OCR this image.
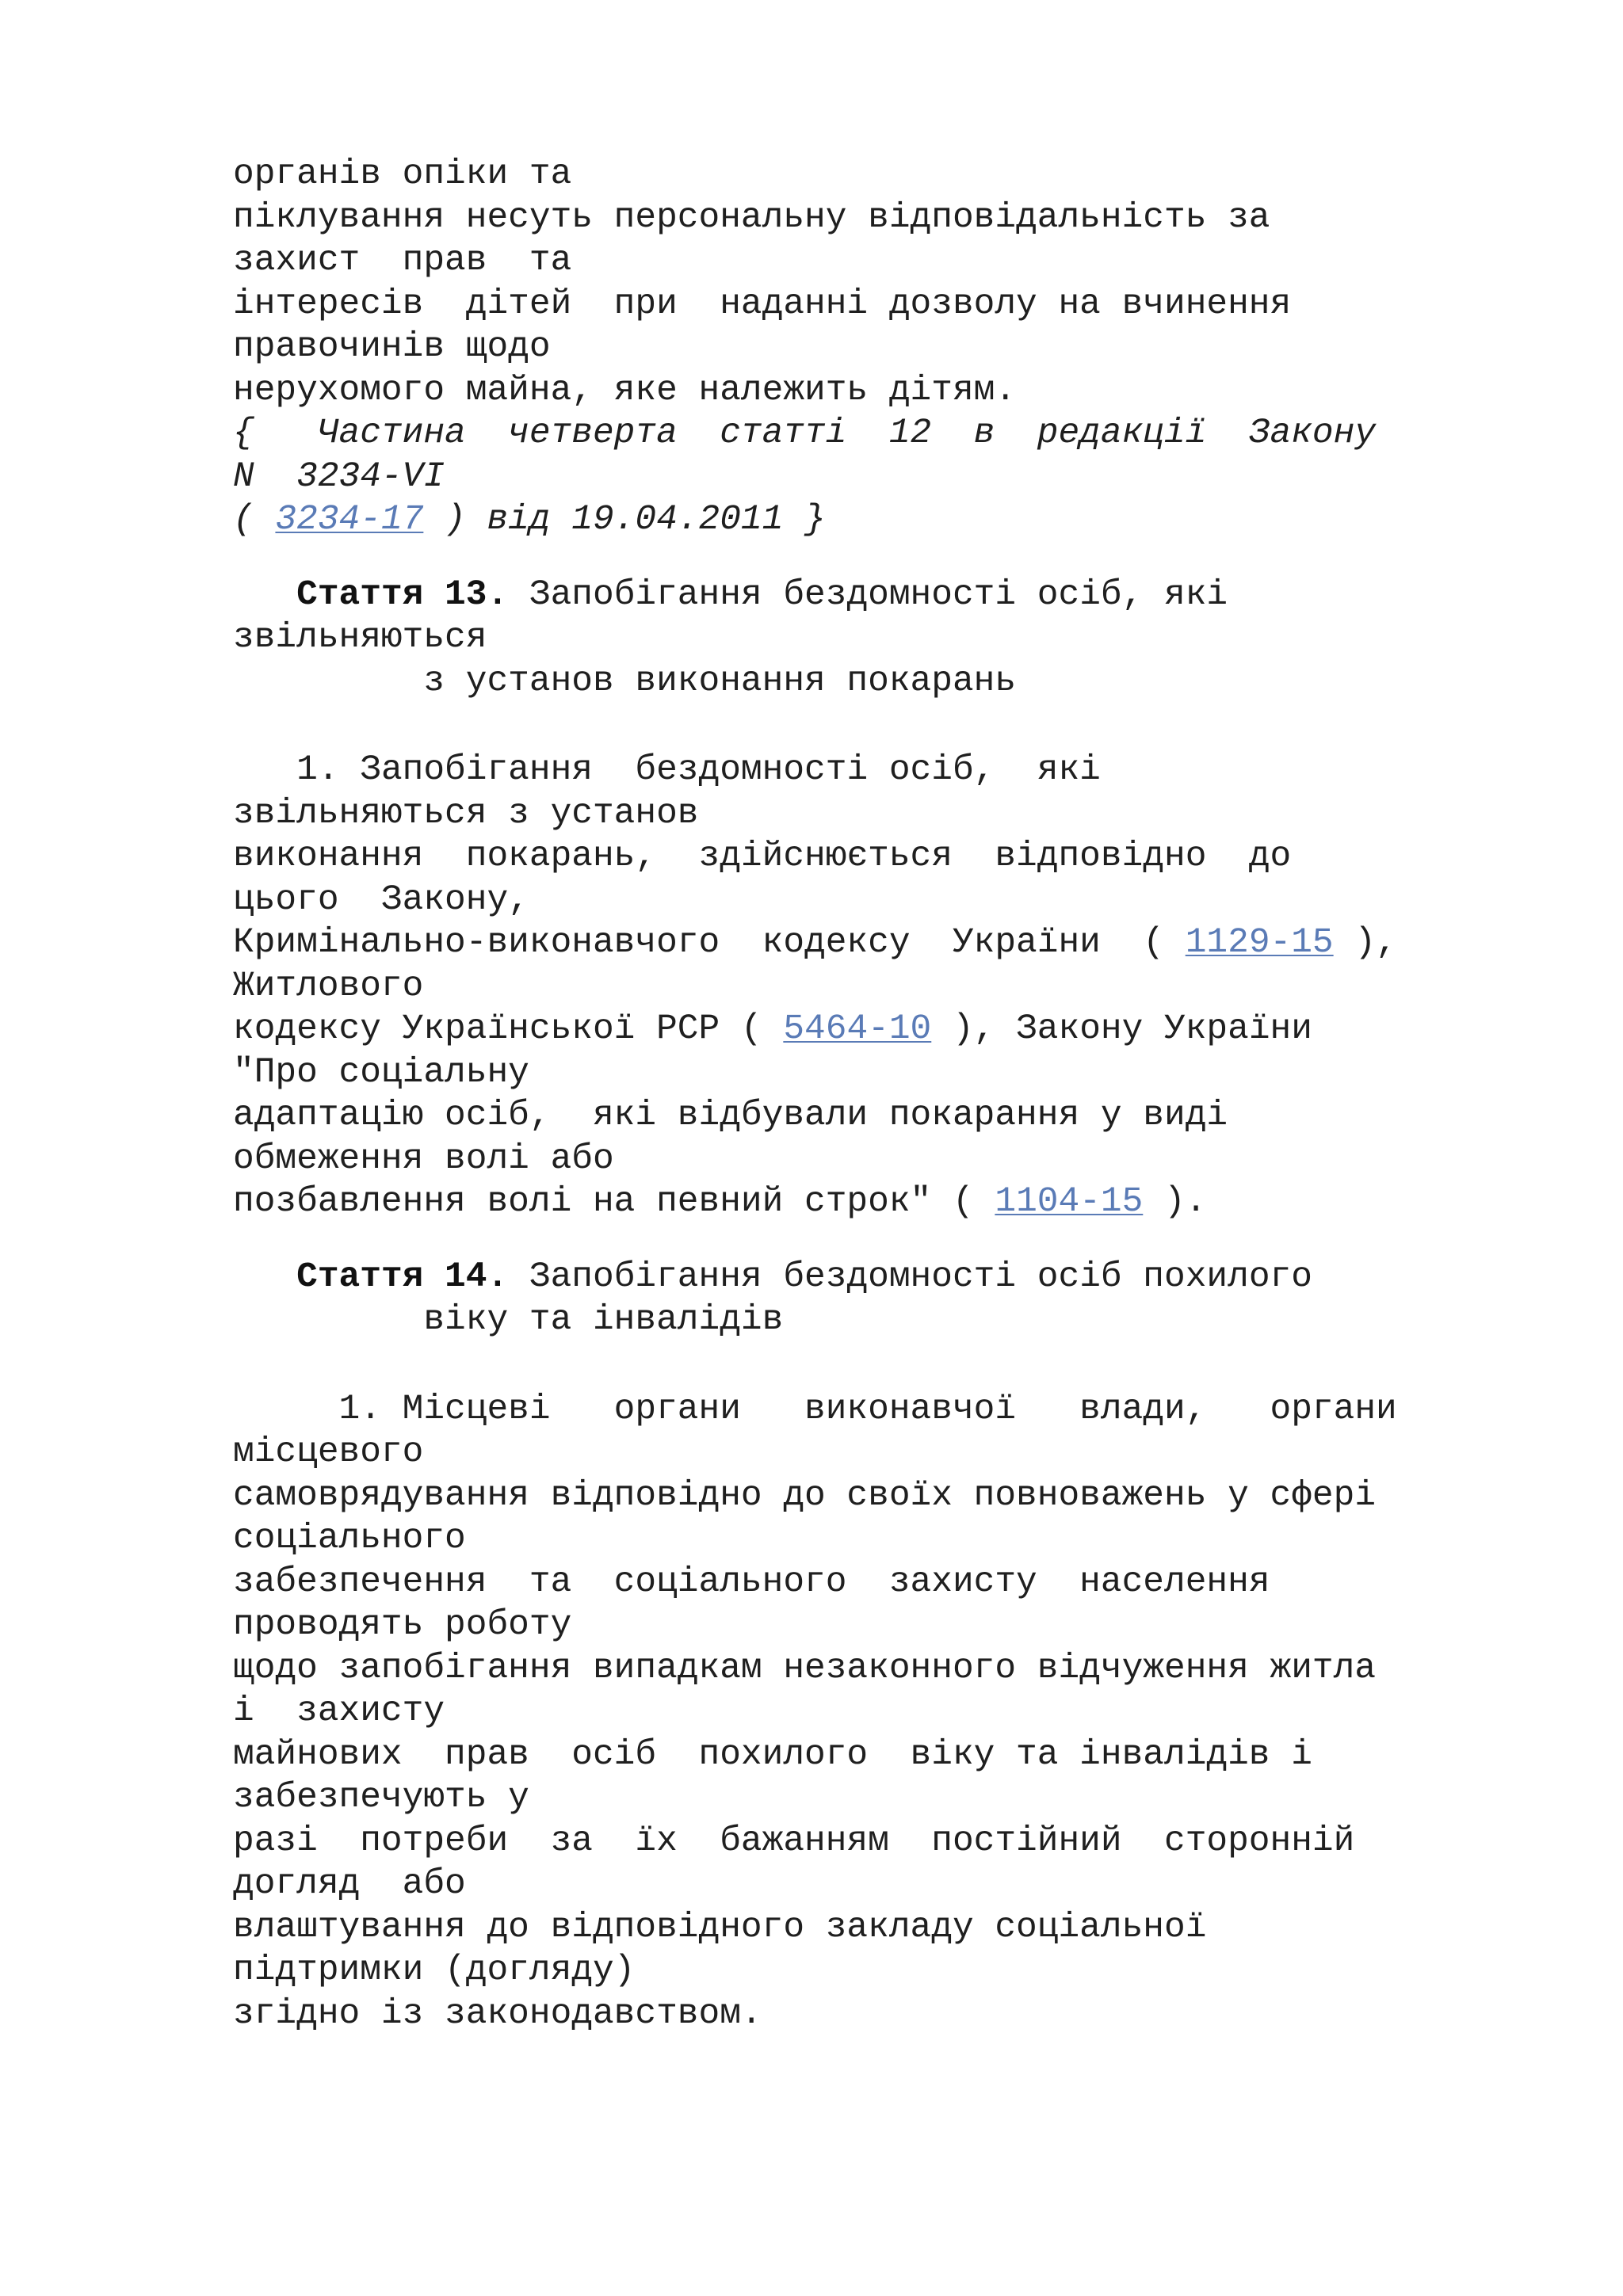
органів опіки та
піклування несуть персональну відповідальність за
захист  прав  та
інтересів  дітей  при  наданні дозволу на вчинення
правочинів щодо
нерухомого майна, яке належить дітям.
{   Частина  четверта  статті  12  в  редакції  Закону
N  3234-VI
( 3234-17 ) від 19.04.2011 }
Стаття 13. Запобігання бездомності осіб, які
звільняються
з установ виконання покарань
1. Запобігання  бездомності осіб,  які
звільняються з установ
виконання  покарань,  здійснюється  відповідно  до
цього  Закону,
Кримінально-виконавчого  кодексу  України  ( 1129-15 ),
Житлового
кодексу Української РСР ( 5464-10 ), Закону України
"Про соціальну
адаптацію осіб,  які відбували покарання у виді
обмеження волі або
позбавлення волі на певний строк" ( 1104-15 ).
Стаття 14. Запобігання бездомності осіб похилого
віку та інвалідів
1. Місцеві   органи   виконавчої   влади,   органи
місцевого
самоврядування відповідно до своїх повноважень у сфері
соціального
забезпечення  та  соціального  захисту  населення
проводять роботу
щодо запобігання випадкам незаконного відчуження житла
і  захисту
майнових  прав  осіб  похилого  віку та інвалідів і
забезпечують у
разі  потреби  за  їх  бажанням  постійний  сторонній
догляд  або
влаштування до відповідного закладу соціальної
підтримки (догляду)
згідно із законодавством.
